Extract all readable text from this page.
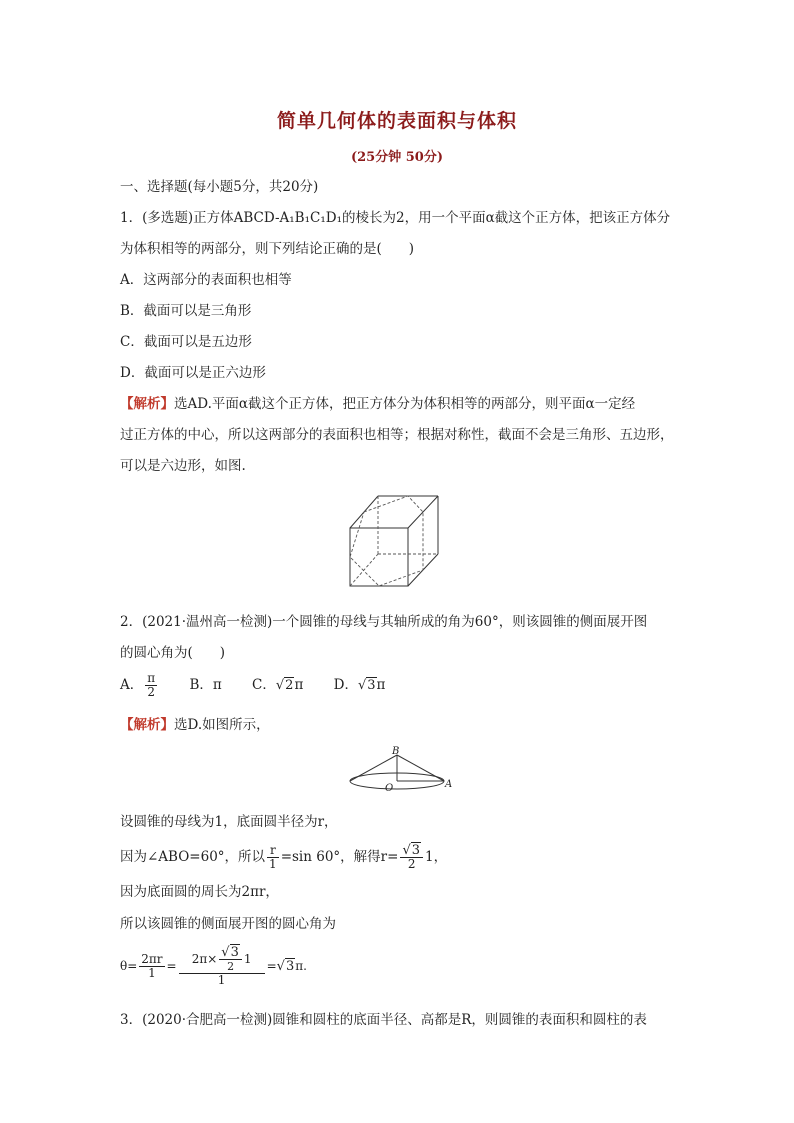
简单几何体的表面积与体积
(25分钟 50分)
一、选择题(每小题5分，共20分)
1．(多选题)正方体ABCD-A₁B₁C₁D₁的棱长为2，用一个平面α截这个正方体，把该正方体分
为体积相等的两部分，则下列结论正确的是(　　)
A．这两部分的表面积也相等
B．截面可以是三角形
C．截面可以是五边形
D．截面可以是正六边形
【解析】选AD.平面α截这个正方体，把正方体分为体积相等的两部分，则平面α一定经
过正方体的中心，所以这两部分的表面积也相等；根据对称性，截面不会是三角形、五边形，
可以是六边形，如图.
2．(2021·温州高一检测)一个圆锥的母线与其轴所成的角为60°，则该圆锥的侧面展开图
的圆心角为(　　)
A． $\frac{\pi}{2}$ B．π C．√2π D．√3π
【解析】选D.如图所示，
B
O	A
设圆锥的母线为1，底面圆半径为r，
因为∠ABO=60°，所以 $\frac{r}{1} =\sin$ 60°，解得$r= \frac{√3}{2} 1$，
因为底面圆的周长为2πr，
所以该圆锥的侧面展开图的圆心角为
$\theta= \frac{2\pi r}{1} = \frac{2\pi\times \frac{√3}{2} 1}{1} =√3\pi$.
3．(2020·合肥高一检测)圆锥和圆柱的底面半径、高都是R，则圆锥的表面积和圆柱的表
